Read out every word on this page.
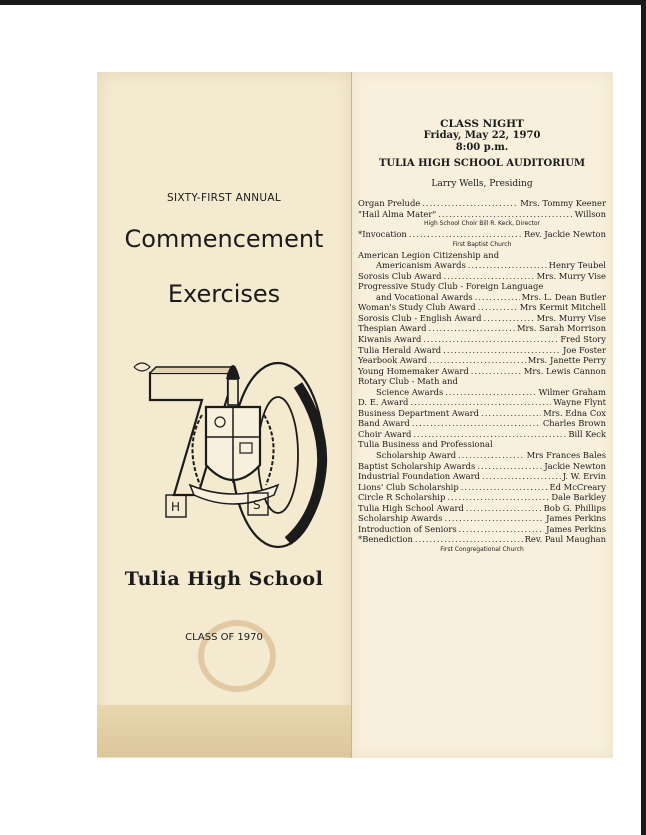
SIXTY-FIRST ANNUAL
Commencement
Exercises
H	S
Tulia High School
CLASS OF 1970
CLASS NIGHT
Friday, May 22, 1970
8:00 p.m.
TULIA HIGH SCHOOL AUDITORIUM
Larry Wells, Presiding
Organ Prelude .....	Mrs. Tommy Keener
"Hail Alma Mater" .....	Willson
High School Choir Bill R. Keck, Director
*Invocation .....	Rev. Jackie Newton
First Baptist Church
American Legion Citizenship and
Americanism Awards .....	Henry Teubel
Sorosis Club Award .....	Mrs. Murry Vise
Progressive Study Club - Foreign Language
and Vocational Awards .....	Mrs. L. Dean Butler
Woman's Study Club Award .....	Mrs Kermit Mitchell
Sorosis Club - English Award .....	Mrs. Murry Vise
Thespian Award .....	Mrs. Sarah Morrison
Kiwanis Award .....	Fred Story
Tulia Herald Award .....	Joe Foster
Yearbook Award .....	Mrs. Janette Perry
Young Homemaker Award .....	Mrs. Lewis Cannon
Rotary Club - Math and
Science Awards .....	Wilmer Graham
D. E. Award .....	Wayne Flynt
Business Department Award .....	Mrs. Edna Cox
Band Award .....	Charles Brown
Choir Award .....	Bill Keck
Tulia Business and Professional
Scholarship Award .....	Mrs Frances Bales
Baptist Scholarship Awards .....	Jackie Newton
Industrial Foundation Award .....	J. W. Ervin
Lions' Club Scholarship .....	Ed McCreary
Circle R Scholarship .....	Dale Barkley
Tulia High School Award .....	Bob G. Phillips
Scholarship Awards .....	James Perkins
Introduction of Seniors .....	James Perkins
*Benediction .....	Rev. Paul Maughan
First Congregational Church
